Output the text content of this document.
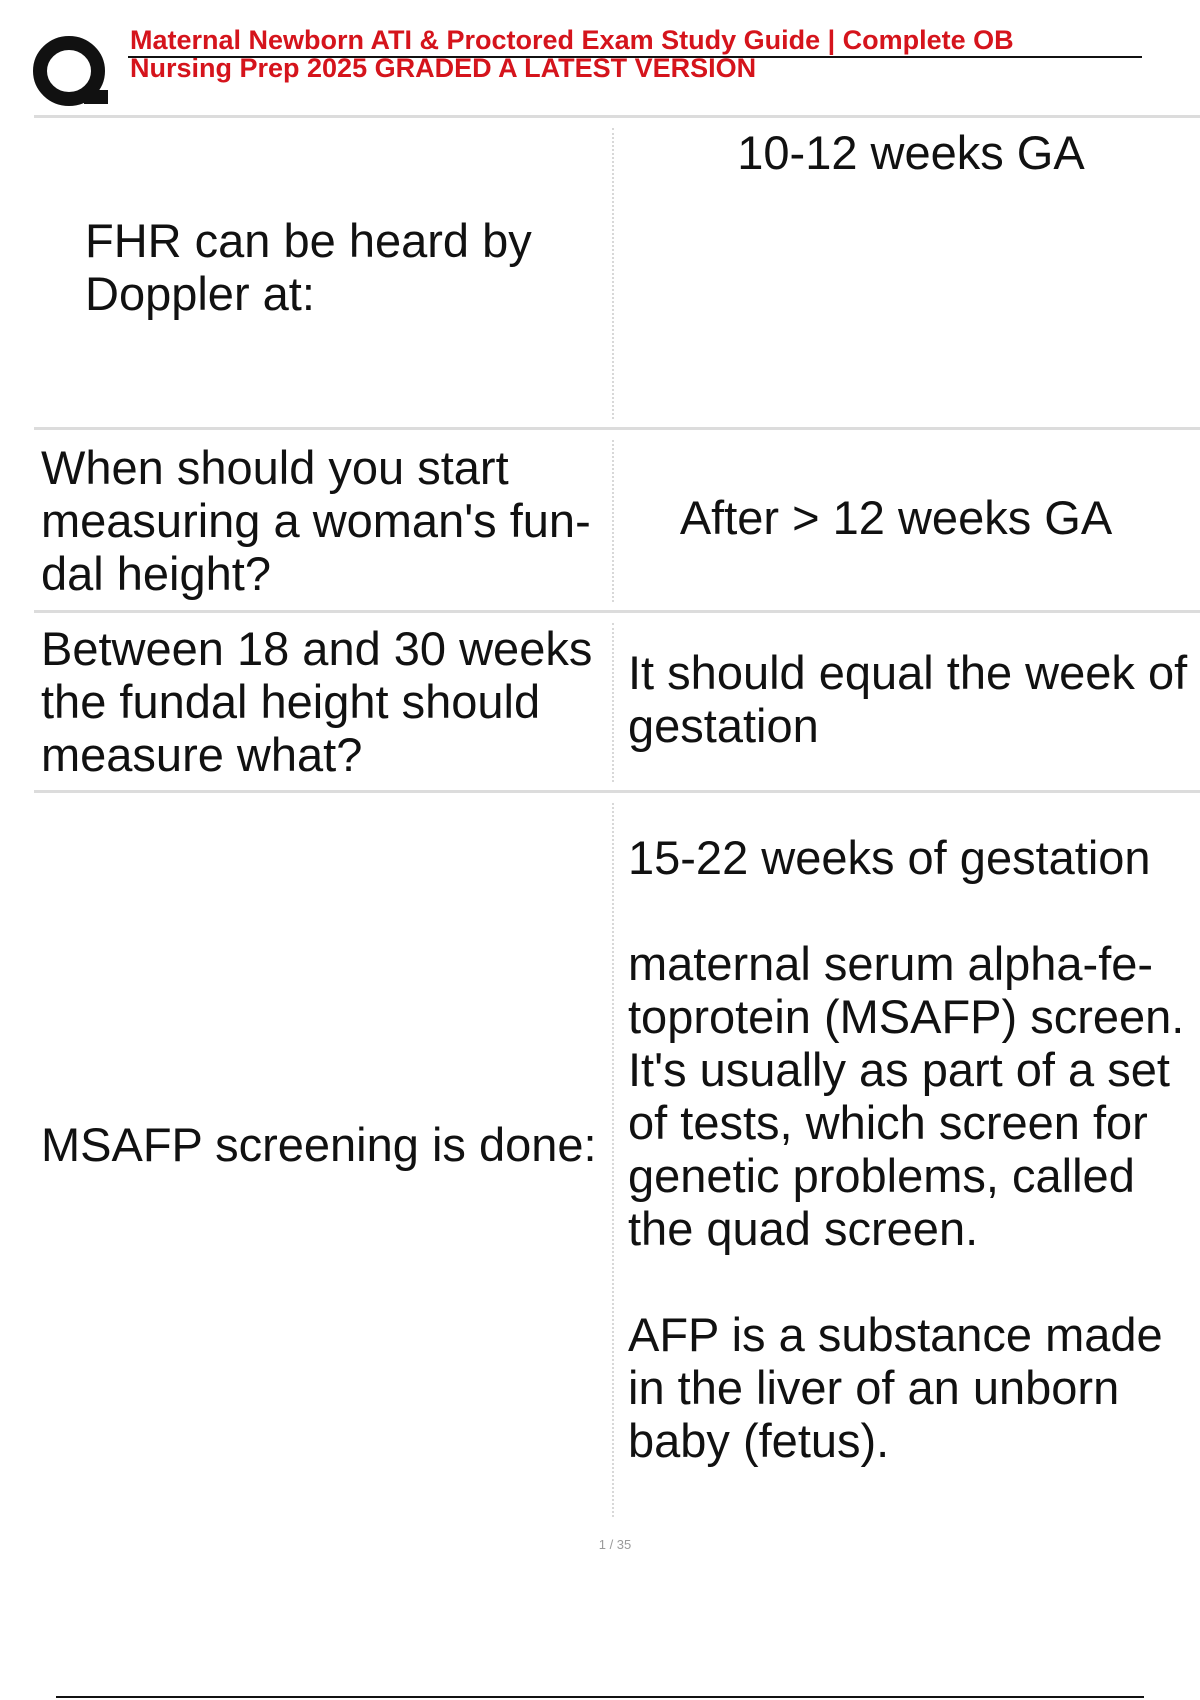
Maternal Newborn ATI & Proctored Exam Study Guide | Complete OB Nursing Prep 2025 GRADED A LATEST VERSION
FHR can be heard by Doppler at:
10-12 weeks GA
When should you start measuring a woman's fun-dal height?
After > 12 weeks GA
Between 18 and 30 weeks the fundal height should measure what?
It should equal the week of gestation
MSAFP screening is done:

15-22 weeks of gestation

maternal serum alpha-fe-toprotein (MSAFP) screen. It's usually as part of a set of tests, which screen for genetic problems, called the quad screen.

AFP is a substance made in the liver of an unborn baby (fetus).

1 / 35
